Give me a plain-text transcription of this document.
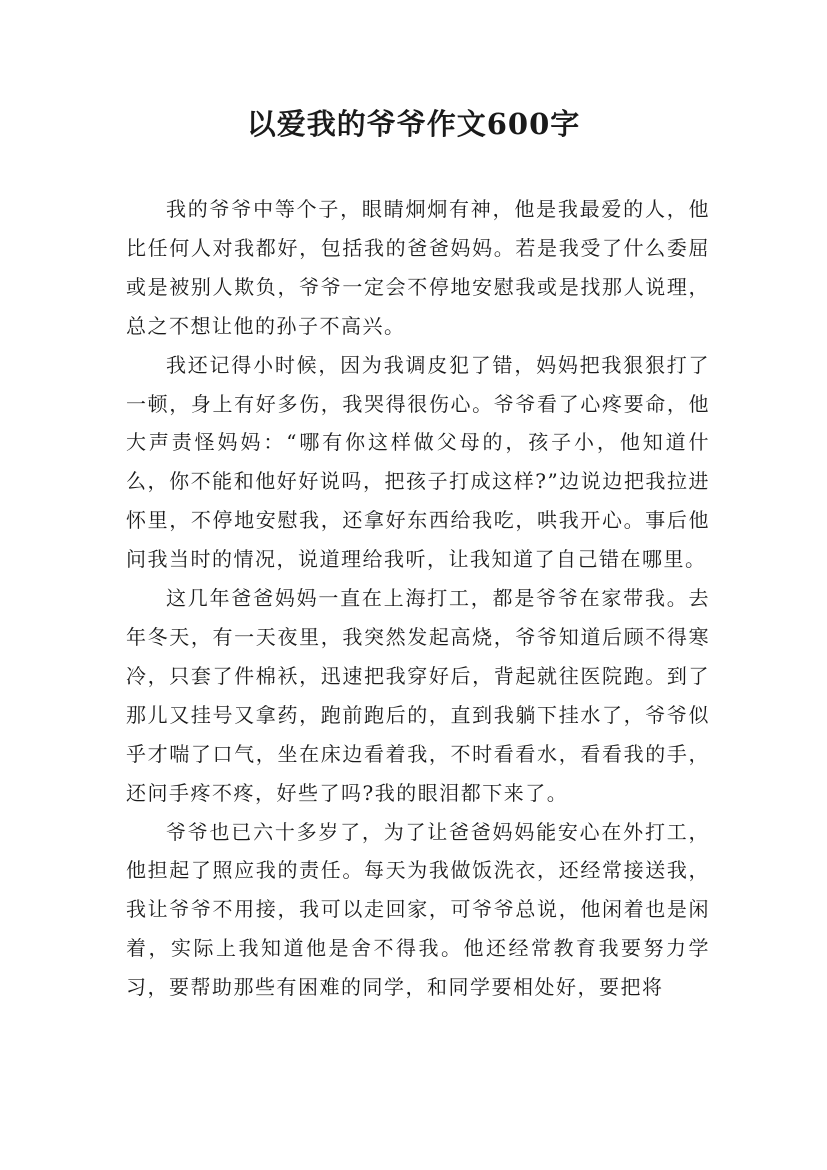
以爱我的爷爷作文600字

我的爷爷中等个子，眼睛炯炯有神，他是我最爱的人，他比任何人对我都好，包括我的爸爸妈妈。若是我受了什么委屈或是被别人欺负，爷爷一定会不停地安慰我或是找那人说理，总之不想让他的孙子不高兴。

我还记得小时候，因为我调皮犯了错，妈妈把我狠狠打了一顿，身上有好多伤，我哭得很伤心。爷爷看了心疼要命，他大声责怪妈妈：“哪有你这样做父母的，孩子小，他知道什么，你不能和他好好说吗，把孩子打成这样?”边说边把我拉进怀里，不停地安慰我，还拿好东西给我吃，哄我开心。事后他问我当时的情况，说道理给我听，让我知道了自己错在哪里。

这几年爸爸妈妈一直在上海打工，都是爷爷在家带我。去年冬天，有一天夜里，我突然发起高烧，爷爷知道后顾不得寒冷，只套了件棉袄，迅速把我穿好后，背起就往医院跑。到了那儿又挂号又拿药，跑前跑后的，直到我躺下挂水了，爷爷似乎才喘了口气，坐在床边看着我，不时看看水，看看我的手，还问手疼不疼，好些了吗?我的眼泪都下来了。

爷爷也已六十多岁了，为了让爸爸妈妈能安心在外打工，他担起了照应我的责任。每天为我做饭洗衣，还经常接送我，我让爷爷不用接，我可以走回家，可爷爷总说，他闲着也是闲着，实际上我知道他是舍不得我。他还经常教育我要努力学习，要帮助那些有困难的同学，和同学要相处好，要把将
